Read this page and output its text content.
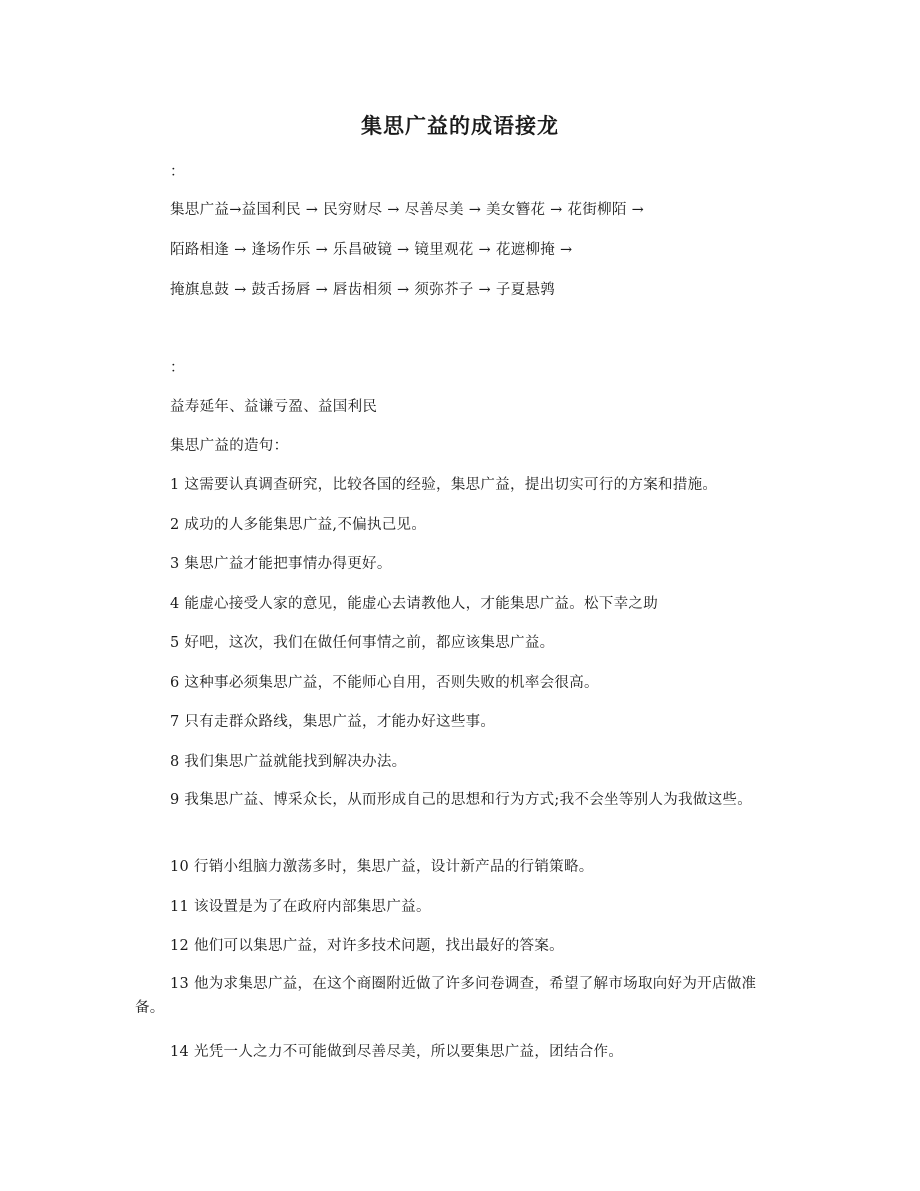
集思广益的成语接龙
：
集思广益→益国利民 → 民穷财尽 → 尽善尽美 → 美女簪花 → 花街柳陌 →
陌路相逢 → 逢场作乐 → 乐昌破镜 → 镜里观花 → 花遮柳掩 →
掩旗息鼓 → 鼓舌扬唇 → 唇齿相须 → 须弥芥子 → 子夏悬鹑
：
益寿延年、益谦亏盈、益国利民
集思广益的造句：
1 这需要认真调查研究，比较各国的经验，集思广益，提出切实可行的方案和措施。
2 成功的人多能集思广益,不偏执己见。
3 集思广益才能把事情办得更好。
4 能虚心接受人家的意见，能虚心去请教他人，才能集思广益。松下幸之助
5 好吧，这次，我们在做任何事情之前，都应该集思广益。
6 这种事必须集思广益，不能师心自用，否则失败的机率会很高。
7 只有走群众路线，集思广益，才能办好这些事。
8 我们集思广益就能找到解决办法。
9 我集思广益、博采众长，从而形成自己的思想和行为方式;我不会坐等别人为我做这些。
10 行销小组脑力激荡多时，集思广益，设计新产品的行销策略。
11 该设置是为了在政府内部集思广益。
12 他们可以集思广益，对许多技术问题，找出最好的答案。
13 他为求集思广益，在这个商圈附近做了许多问卷调查，希望了解市场取向好为开店做准备。
14 光凭一人之力不可能做到尽善尽美，所以要集思广益，团结合作。
